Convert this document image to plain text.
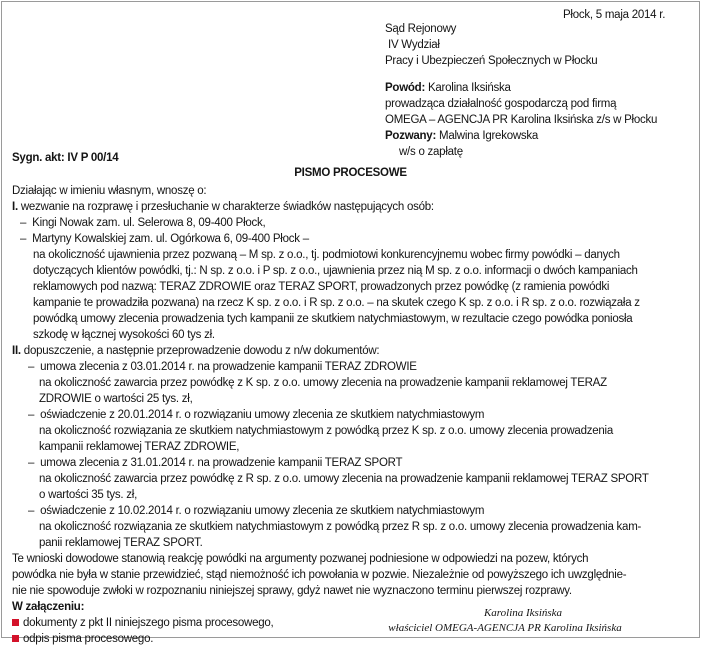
Płock, 5 maja 2014 r.
Sąd Rejonowy
IV Wydział
Pracy i Ubezpieczeń Społecznych w Płocku
Powód: Karolina Iksińska
prowadząca działalność gospodarczą pod firmą
OMEGA – AGENCJA PR Karolina Iksińska z/s w Płocku
Pozwany: Malwina Igrekowska
w/s o zapłatę
Sygn. akt: IV P 00/14
PISMO PROCESOWE
Działając w imieniu własnym, wnoszę o:
I. wezwanie na rozprawę i przesłuchanie w charakterze świadków następujących osób:
– Kingi Nowak zam. ul. Selerowa 8, 09-400 Płock,
– Martyny Kowalskiej zam. ul. Ogórkowa 6, 09-400 Płock –
na okoliczność ujawnienia przez pozwaną – M sp. z o.o., tj. podmiotowi konkurencyjnemu wobec firmy powódki – danych
dotyczących klientów powódki, tj.: N sp. z o.o. i P sp. z o.o., ujawnienia przez nią M sp. z o.o. informacji o dwóch kampaniach
reklamowych pod nazwą: TERAZ ZDROWIE oraz TERAZ SPORT, prowadzonych przez powódkę (z ramienia powódki
kampanie te prowadziła pozwana) na rzecz K sp. z o.o. i R sp. z o.o. – na skutek czego K sp. z o.o. i R sp. z o.o. rozwiązała z
powódką umowy zlecenia prowadzenia tych kampanii ze skutkiem natychmiastowym, w rezultacie czego powódka poniosła
szkodę w łącznej wysokości 60 tys zł.
II. dopuszczenie, a następnie przeprowadzenie dowodu z n/w dokumentów:
– umowa zlecenia z 03.01.2014 r. na prowadzenie kampanii TERAZ ZDROWIE
na okoliczność zawarcia przez powódkę z K sp. z o.o. umowy zlecenia na prowadzenie kampanii reklamowej TERAZ
ZDROWIE o wartości 25 tys. zł,
– oświadczenie z 20.01.2014 r. o rozwiązaniu umowy zlecenia ze skutkiem natychmiastowym
na okoliczność rozwiązania ze skutkiem natychmiastowym z powódką przez K sp. z o.o. umowy zlecenia prowadzenia
kampanii reklamowej TERAZ ZDROWIE,
– umowa zlecenia z 31.01.2014 r. na prowadzenie kampanii TERAZ SPORT
na okoliczność zawarcia przez powódkę z R sp. z o.o. umowy zlecenia na prowadzenie kampanii reklamowej TERAZ SPORT
o wartości 35 tys. zł,
– oświadczenie z 10.02.2014 r. o rozwiązaniu umowy zlecenia ze skutkiem natychmiastowym
na okoliczność rozwiązania ze skutkiem natychmiastowym z powódką przez R sp. z o.o. umowy zlecenia prowadzenia kam-
panii reklamowej TERAZ SPORT.
Te wnioski dowodowe stanowią reakcję powódki na argumenty pozwanej podniesione w odpowiedzi na pozew, których
powódka nie była w stanie przewidzieć, stąd niemożność ich powołania w pozwie. Niezależnie od powyższego ich uwzględnie-
nie nie spowoduje zwłoki w rozpoznaniu niniejszej sprawy, gdyż nawet nie wyznaczono terminu pierwszej rozprawy.
W załączeniu:
dokumenty z pkt II niniejszego pisma procesowego,
odpis pisma procesowego.
Karolina Iksińska
właściciel OMEGA-AGENCJA PR Karolina Iksińska
